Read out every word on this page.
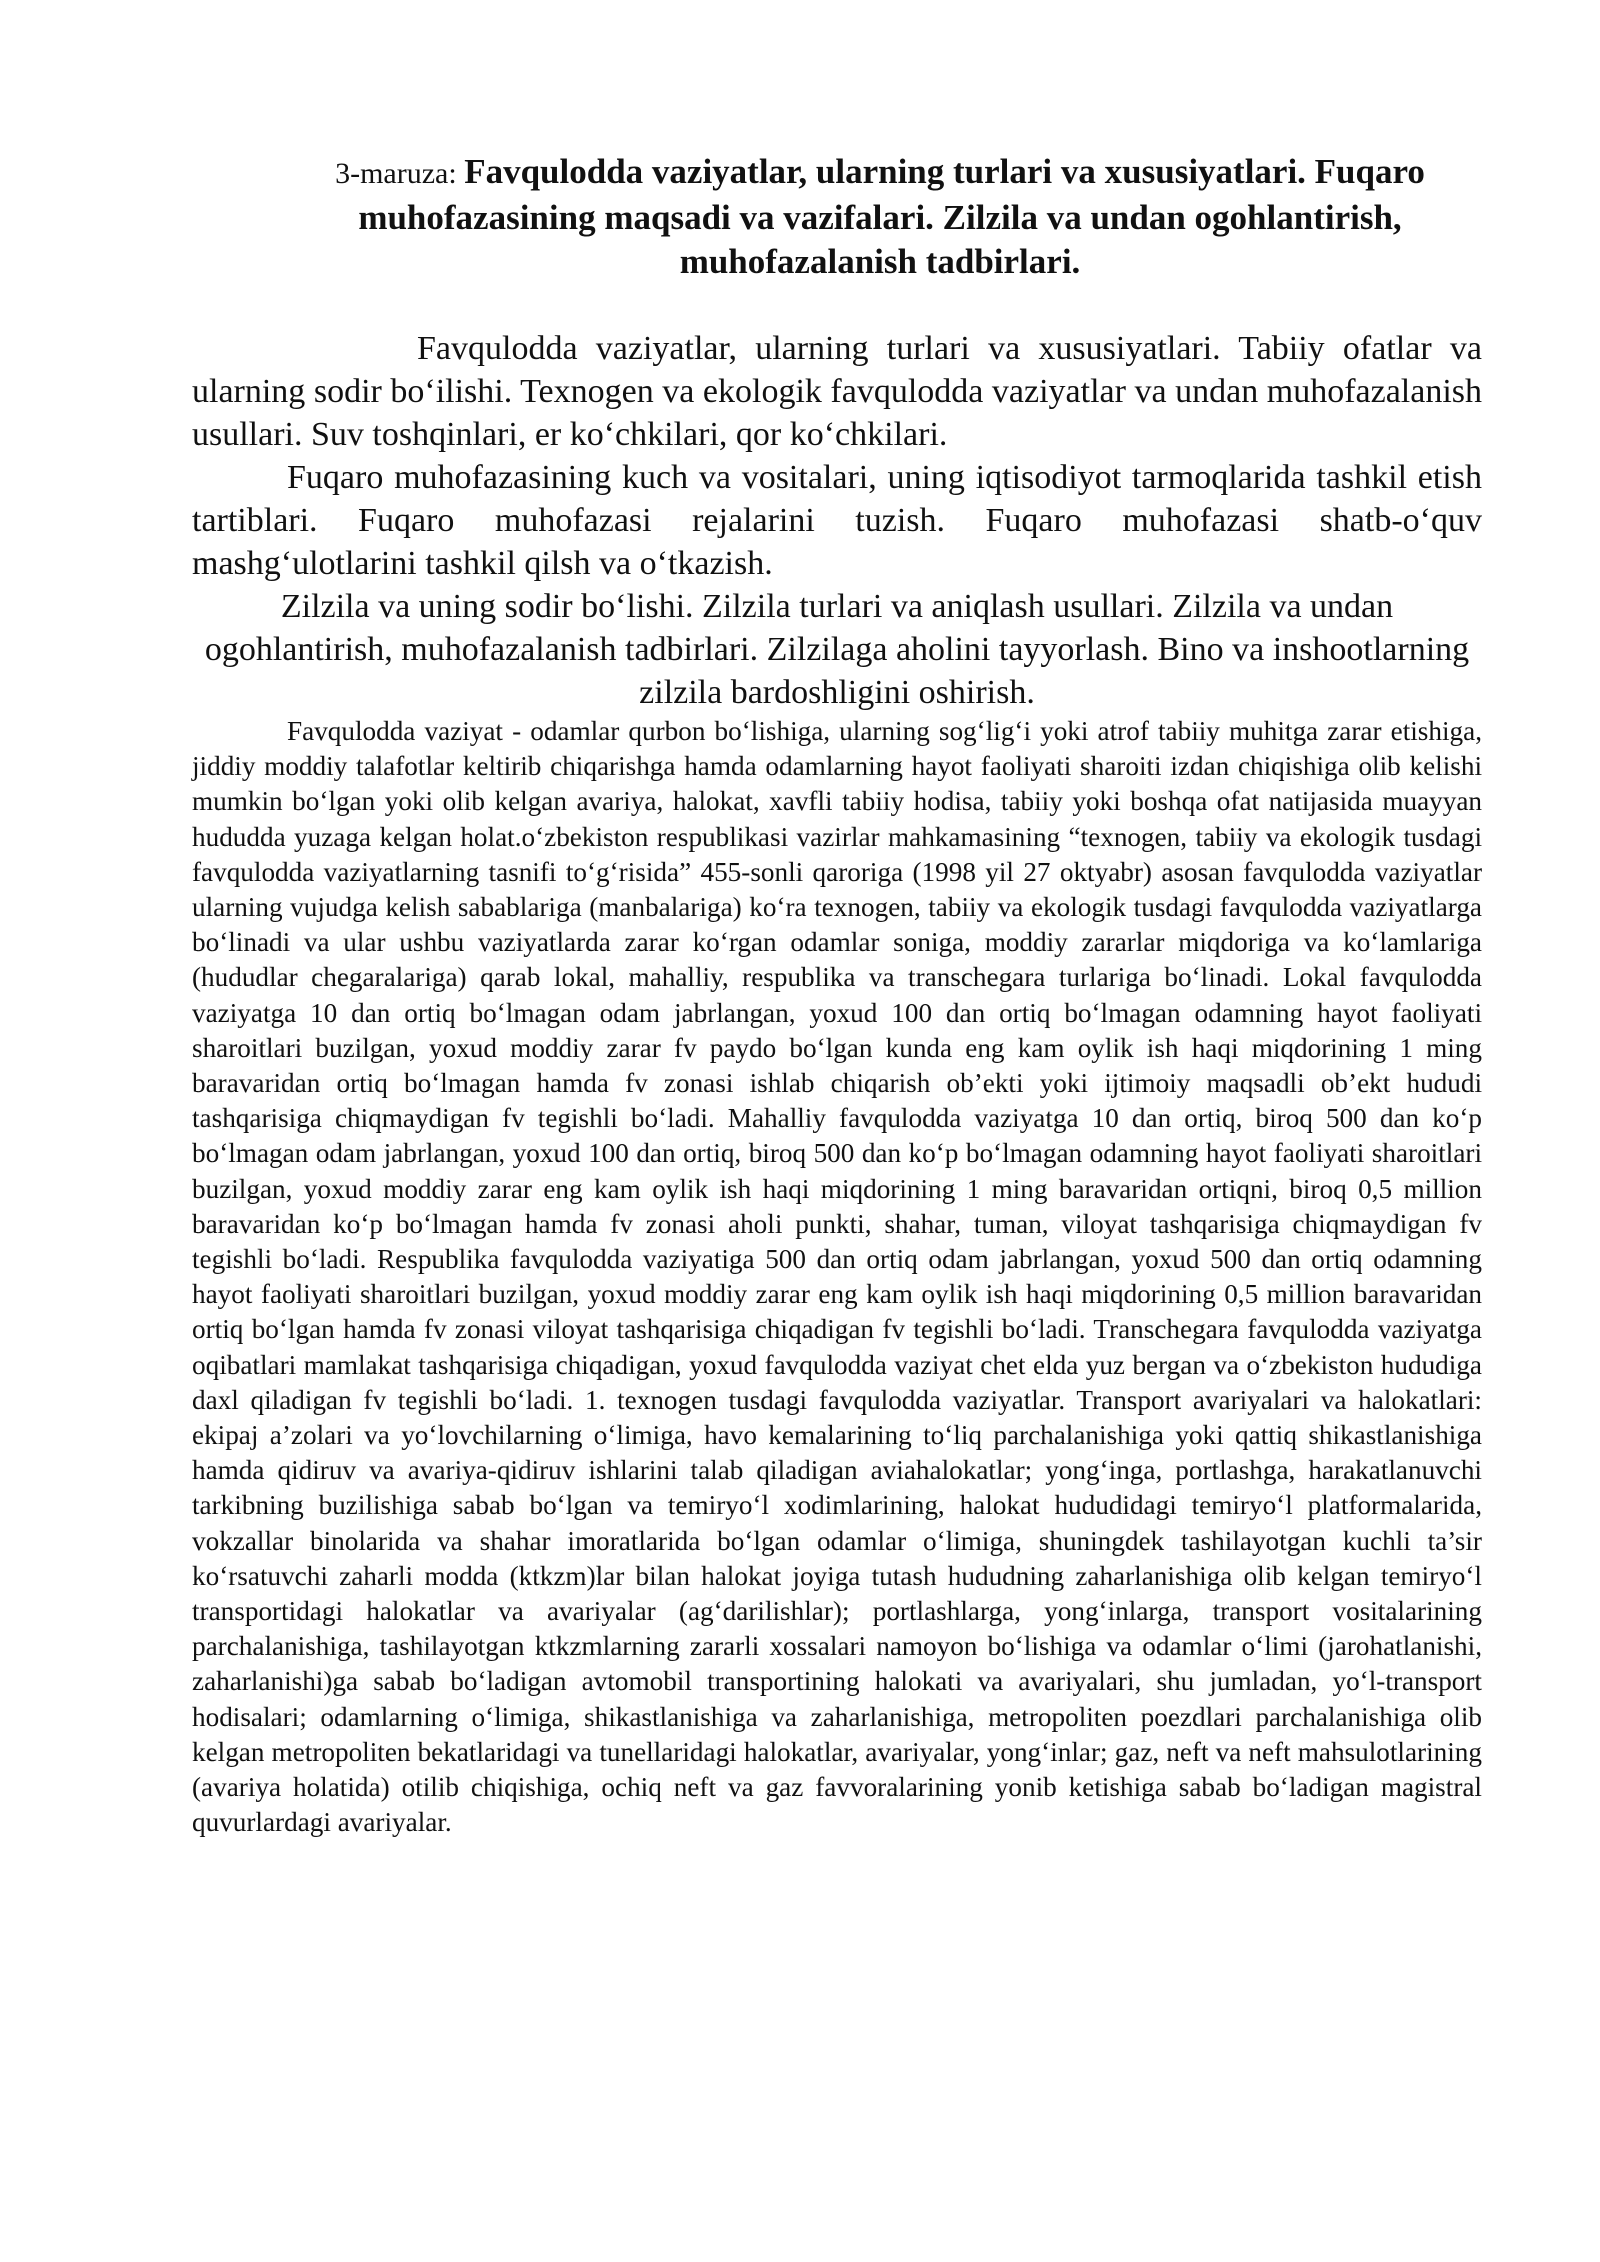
3-maruza: Favqulodda vaziyatlar, ularning turlari va xususiyatlari. Fuqaro muhofazasining maqsadi va vazifalari. Zilzila va undan ogohlantirish, muhofazalanish tadbirlari.

Favqulodda vaziyatlar, ularning turlari va xususiyatlari. Tabiiy ofatlar va ularning sodir bo‘ilishi. Texnogen va ekologik favqulodda vaziyatlar va undan muhofazalanish usullari. Suv toshqinlari, er ko‘chkilari, qor ko‘chkilari.

Fuqaro muhofazasining kuch va vositalari, uning iqtisodiyot tarmoqlarida tashkil etish tartiblari. Fuqaro muhofazasi rejalarini tuzish. Fuqaro muhofazasi shatb-o‘quv mashg‘ulotlarini tashkil qilsh va o‘tkazish.

Zilzila va uning sodir bo‘lishi. Zilzila turlari va aniqlash usullari. Zilzila va undan ogohlantirish, muhofazalanish tadbirlari. Zilzilaga aholini tayyorlash. Bino va inshootlarning zilzila bardoshligini oshirish.

Favqulodda vaziyat - odamlar qurbon bo‘lishiga, ularning sog‘lig‘i yoki atrof tabiiy muhitga zarar etishiga, jiddiy moddiy talafotlar keltirib chiqarishga hamda odamlarning hayot faoliyati sharoiti izdan chiqishiga olib kelishi mumkin bo‘lgan yoki olib kelgan avariya, halokat, xavfli tabiiy hodisa, tabiiy yoki boshqa ofat natijasida muayyan hududda yuzaga kelgan holat.o‘zbekiston respublikasi vazirlar mahkamasining “texnogen, tabiiy va ekologik tusdagi favqulodda vaziyatlarning tasnifi to‘g‘risida” 455-sonli qaroriga (1998 yil 27 oktyabr) asosan favqulodda vaziyatlar ularning vujudga kelish sabablariga (manbalariga) ko‘ra texnogen, tabiiy va ekologik tusdagi favqulodda vaziyatlarga bo‘linadi va ular ushbu vaziyatlarda zarar ko‘rgan odamlar soniga, moddiy zararlar miqdoriga va ko‘lamlariga (hududlar chegaralariga) qarab lokal, mahalliy, respublika va transchegara turlariga bo‘linadi. Lokal favqulodda vaziyatga 10 dan ortiq bo‘lmagan odam jabrlangan, yoxud 100 dan ortiq bo‘lmagan odamning hayot faoliyati sharoitlari buzilgan, yoxud moddiy zarar fv paydo bo‘lgan kunda eng kam oylik ish haqi miqdorining 1 ming baravaridan ortiq bo‘lmagan hamda fv zonasi ishlab chiqarish ob’ekti yoki ijtimoiy maqsadli ob’ekt hududi tashqarisiga chiqmaydigan fv tegishli bo‘ladi. Mahalliy favqulodda vaziyatga 10 dan ortiq, biroq 500 dan ko‘p bo‘lmagan odam jabrlangan, yoxud 100 dan ortiq, biroq 500 dan ko‘p bo‘lmagan odamning hayot faoliyati sharoitlari buzilgan, yoxud moddiy zarar eng kam oylik ish haqi miqdorining 1 ming baravaridan ortiqni, biroq 0,5 million baravaridan ko‘p bo‘lmagan hamda fv zonasi aholi punkti, shahar, tuman, viloyat tashqarisiga chiqmaydigan fv tegishli bo‘ladi. Respublika favqulodda vaziyatiga 500 dan ortiq odam jabrlangan, yoxud 500 dan ortiq odamning hayot faoliyati sharoitlari buzilgan, yoxud moddiy zarar eng kam oylik ish haqi miqdorining 0,5 million baravaridan ortiq bo‘lgan hamda fv zonasi viloyat tashqarisiga chiqadigan fv tegishli bo‘ladi. Transchegara favqulodda vaziyatga oqibatlari mamlakat tashqarisiga chiqadigan, yoxud favqulodda vaziyat chet elda yuz bergan va o‘zbekiston hududiga daxl qiladigan fv tegishli bo‘ladi. 1. texnogen tusdagi favqulodda vaziyatlar. Transport avariyalari va halokatlari: ekipaj a’zolari va yo‘lovchilarning o‘limiga, havo kemalarining to‘liq parchalanishiga yoki qattiq shikastlanishiga hamda qidiruv va avariya-qidiruv ishlarini talab qiladigan aviahalokatlar; yong‘inga, portlashga, harakatlanuvchi tarkibning buzilishiga sabab bo‘lgan va temiryo‘l xodimlarining, halokat hududidagi temiryo‘l platformalarida, vokzallar binolarida va shahar imoratlarida bo‘lgan odamlar o‘limiga, shuningdek tashilayotgan kuchli ta’sir ko‘rsatuvchi zaharli modda (ktkzm)lar bilan halokat joyiga tutash hududning zaharlanishiga olib kelgan temiryo‘l transportidagi halokatlar va avariyalar (ag‘darilishlar); portlashlarga, yong‘inlarga, transport vositalarining parchalanishiga, tashilayotgan ktkzmlarning zararli xossalari namoyon bo‘lishiga va odamlar o‘limi (jarohatlanishi, zaharlanishi)ga sabab bo‘ladigan avtomobil transportining halokati va avariyalari, shu jumladan, yo‘l-transport hodisalari; odamlarning o‘limiga, shikastlanishiga va zaharlanishiga, metropoliten poezdlari parchalanishiga olib kelgan metropoliten bekatlaridagi va tunellaridagi halokatlar, avariyalar, yong‘inlar; gaz, neft va neft mahsulotlarining (avariya holatida) otilib chiqishiga, ochiq neft va gaz favvoralarining yonib ketishiga sabab bo‘ladigan magistral quvurlardagi avariyalar.
